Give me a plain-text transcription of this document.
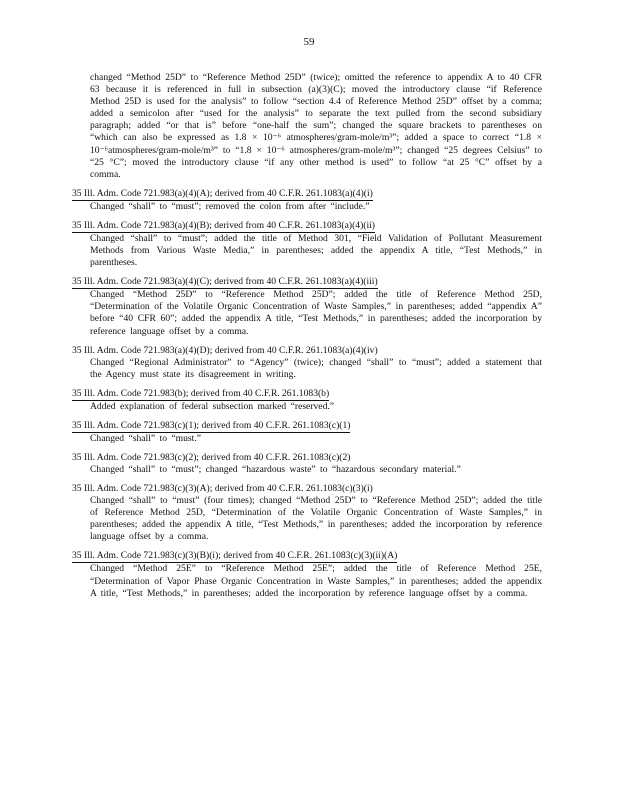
59
changed “Method 25D” to “Reference Method 25D” (twice); omitted the reference to appendix A to 40 CFR 63 because it is referenced in full in subsection (a)(3)(C); moved the introductory clause “if Reference Method 25D is used for the analysis” to follow “section 4.4 of Reference Method 25D” offset by a comma; added a semicolon after “used for the analysis” to separate the text pulled from the second subsidiary paragraph; added “or that is” before “one-half the sum”; changed the square brackets to parentheses on “which can also be expressed as 1.8 × 10⁻⁶ atmospheres/gram-mole/m³”; added a space to correct “1.8 × 10⁻⁶atmospheres/gram-mole/m³” to “1.8 × 10⁻⁶ atmospheres/gram-mole/m³”; changed “25 degrees Celsius” to “25 °C”; moved the introductory clause “if any other method is used” to follow “at 25 °C” offset by a comma.
35 Ill. Adm. Code 721.983(a)(4)(A); derived from 40 C.F.R. 261.1083(a)(4)(i)
Changed “shall” to “must”; removed the colon from after “include.”
35 Ill. Adm. Code 721.983(a)(4)(B); derived from 40 C.F.R. 261.1083(a)(4)(ii)
Changed “shall” to “must”; added the title of Method 301, “Field Validation of Pollutant Measurement Methods from Various Waste Media,” in parentheses; added the appendix A title, “Test Methods,” in parentheses.
35 Ill. Adm. Code 721.983(a)(4)(C); derived from 40 C.F.R. 261.1083(a)(4)(iii)
Changed “Method 25D” to “Reference Method 25D”; added the title of Reference Method 25D, “Determination of the Volatile Organic Concentration of Waste Samples,” in parentheses; added “appendix A” before “40 CFR 60”; added the appendix A title, “Test Methods,” in parentheses; added the incorporation by reference language offset by a comma.
35 Ill. Adm. Code 721.983(a)(4)(D); derived from 40 C.F.R. 261.1083(a)(4)(iv)
Changed “Regional Administrator” to “Agency” (twice); changed “shall” to “must”; added a statement that the Agency must state its disagreement in writing.
35 Ill. Adm. Code 721.983(b); derived from 40 C.F.R. 261.1083(b)
Added explanation of federal subsection marked “reserved.”
35 Ill. Adm. Code 721.983(c)(1); derived from 40 C.F.R. 261.1083(c)(1)
Changed “shall” to “must.”
35 Ill. Adm. Code 721.983(c)(2); derived from 40 C.F.R. 261.1083(c)(2)
Changed “shall” to “must”; changed “hazardous waste” to “hazardous secondary material.”
35 Ill. Adm. Code 721.983(c)(3)(A); derived from 40 C.F.R. 261.1083(c)(3)(i)
Changed “shall” to “must” (four times); changed “Method 25D” to “Reference Method 25D”; added the title of Reference Method 25D, “Determination of the Volatile Organic Concentration of Waste Samples,” in parentheses; added the appendix A title, “Test Methods,” in parentheses; added the incorporation by reference language offset by a comma.
35 Ill. Adm. Code 721.983(c)(3)(B)(i); derived from 40 C.F.R. 261.1083(c)(3)(ii)(A)
Changed “Method 25E” to “Reference Method 25E”; added the title of Reference Method 25E, “Determination of Vapor Phase Organic Concentration in Waste Samples,” in parentheses; added the appendix A title, “Test Methods,” in parentheses; added the incorporation by reference language offset by a comma.
